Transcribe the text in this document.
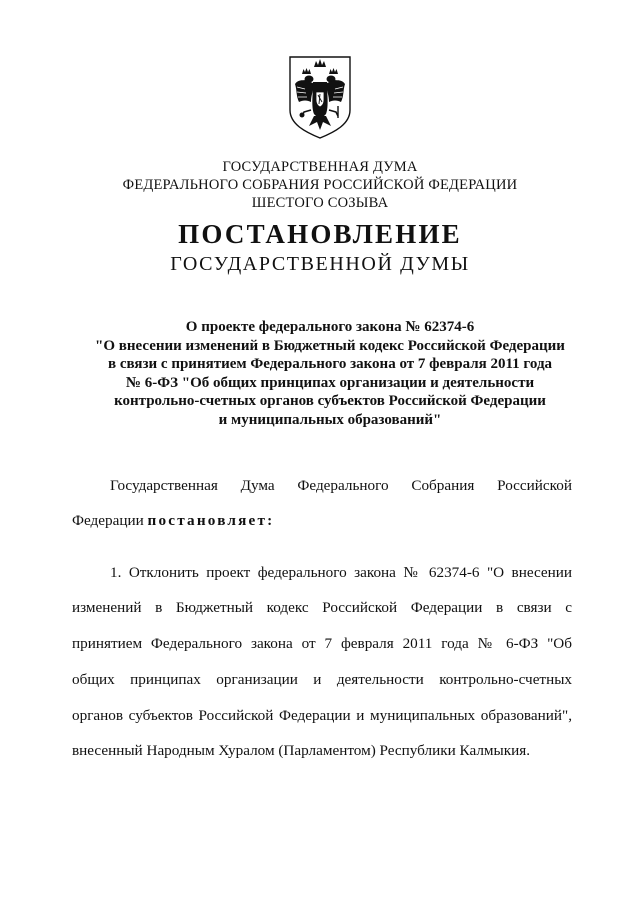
ГОСУДАРСТВЕННАЯ ДУМА
ФЕДЕРАЛЬНОГО СОБРАНИЯ РОССИЙСКОЙ ФЕДЕРАЦИИ
ШЕСТОГО СОЗЫВА
ПОСТАНОВЛЕНИЕ
ГОСУДАРСТВЕННОЙ ДУМЫ
О проекте федерального закона № 62374-6
"О внесении изменений в Бюджетный кодекс Российской Федерации
в связи с принятием Федерального закона от 7 февраля 2011 года
№ 6-ФЗ "Об общих принципах организации и деятельности
контрольно-счетных органов субъектов Российской Федерации
и муниципальных образований"
Государственная Дума Федерального Собрания Российской
Федерации постановляет:
1. Отклонить проект федерального закона № 62374-6 "О внесении
изменений в Бюджетный кодекс Российской Федерации в связи с
принятием Федерального закона от 7 февраля 2011 года № 6-ФЗ "Об
общих принципах организации и деятельности контрольно-счетных
органов субъектов Российской Федерации и муниципальных образований",
внесенный Народным Хуралом (Парламентом) Республики Калмыкия.
